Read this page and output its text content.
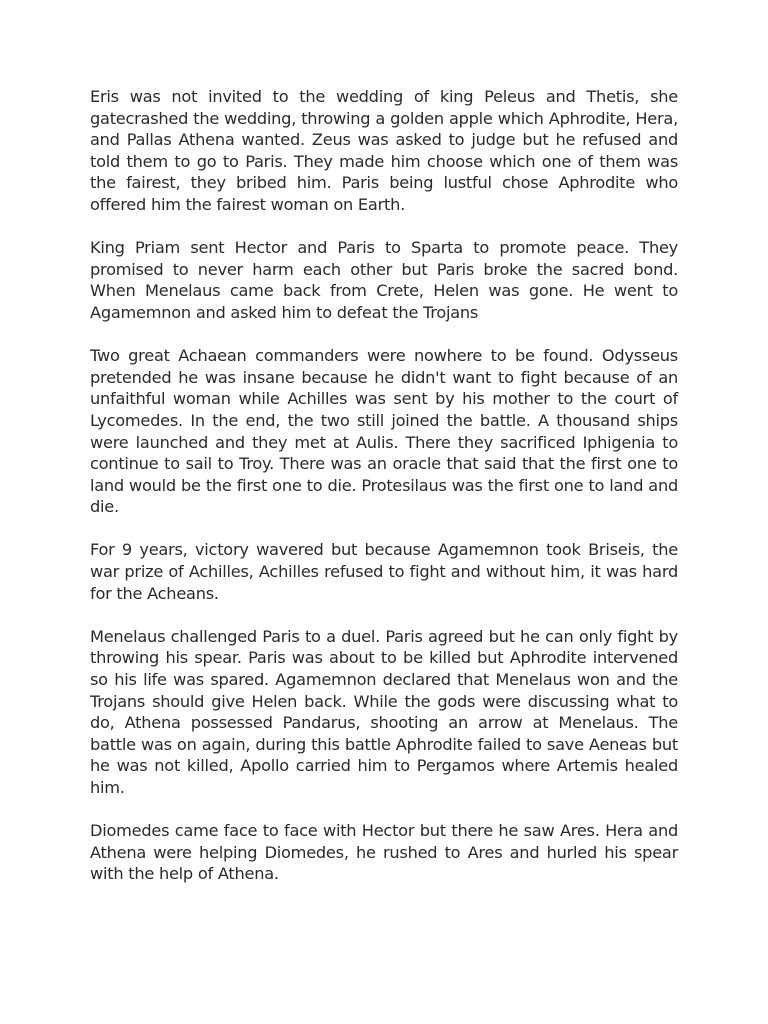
Eris was not invited to the wedding of king Peleus and Thetis, she gatecrashed the wedding, throwing a golden apple which Aphrodite, Hera, and Pallas Athena wanted. Zeus was asked to judge but he refused and told them to go to Paris. They made him choose which one of them was the fairest, they bribed him. Paris being lustful chose Aphrodite who offered him the fairest woman on Earth.

King Priam sent Hector and Paris to Sparta to promote peace. They promised to never harm each other but Paris broke the sacred bond. When Menelaus came back from Crete, Helen was gone. He went to Agamemnon and asked him to defeat the Trojans

Two great Achaean commanders were nowhere to be found. Odysseus pretended he was insane because he didn't want to fight because of an unfaithful woman while Achilles was sent by his mother to the court of Lycomedes. In the end, the two still joined the battle. A thousand ships were launched and they met at Aulis. There they sacrificed Iphigenia to continue to sail to Troy. There was an oracle that said that the first one to land would be the first one to die. Protesilaus was the first one to land and die.

For 9 years, victory wavered but because Agamemnon took Briseis, the war prize of Achilles, Achilles refused to fight and without him, it was hard for the Acheans.

Menelaus challenged Paris to a duel. Paris agreed but he can only fight by throwing his spear. Paris was about to be killed but Aphrodite intervened so his life was spared. Agamemnon declared that Menelaus won and the Trojans should give Helen back. While the gods were discussing what to do, Athena possessed Pandarus, shooting an arrow at Menelaus. The battle was on again, during this battle Aphrodite failed to save Aeneas but he was not killed, Apollo carried him to Pergamos where Artemis healed him.

Diomedes came face to face with Hector but there he saw Ares. Hera and Athena were helping Diomedes, he rushed to Ares and hurled his spear with the help of Athena.
